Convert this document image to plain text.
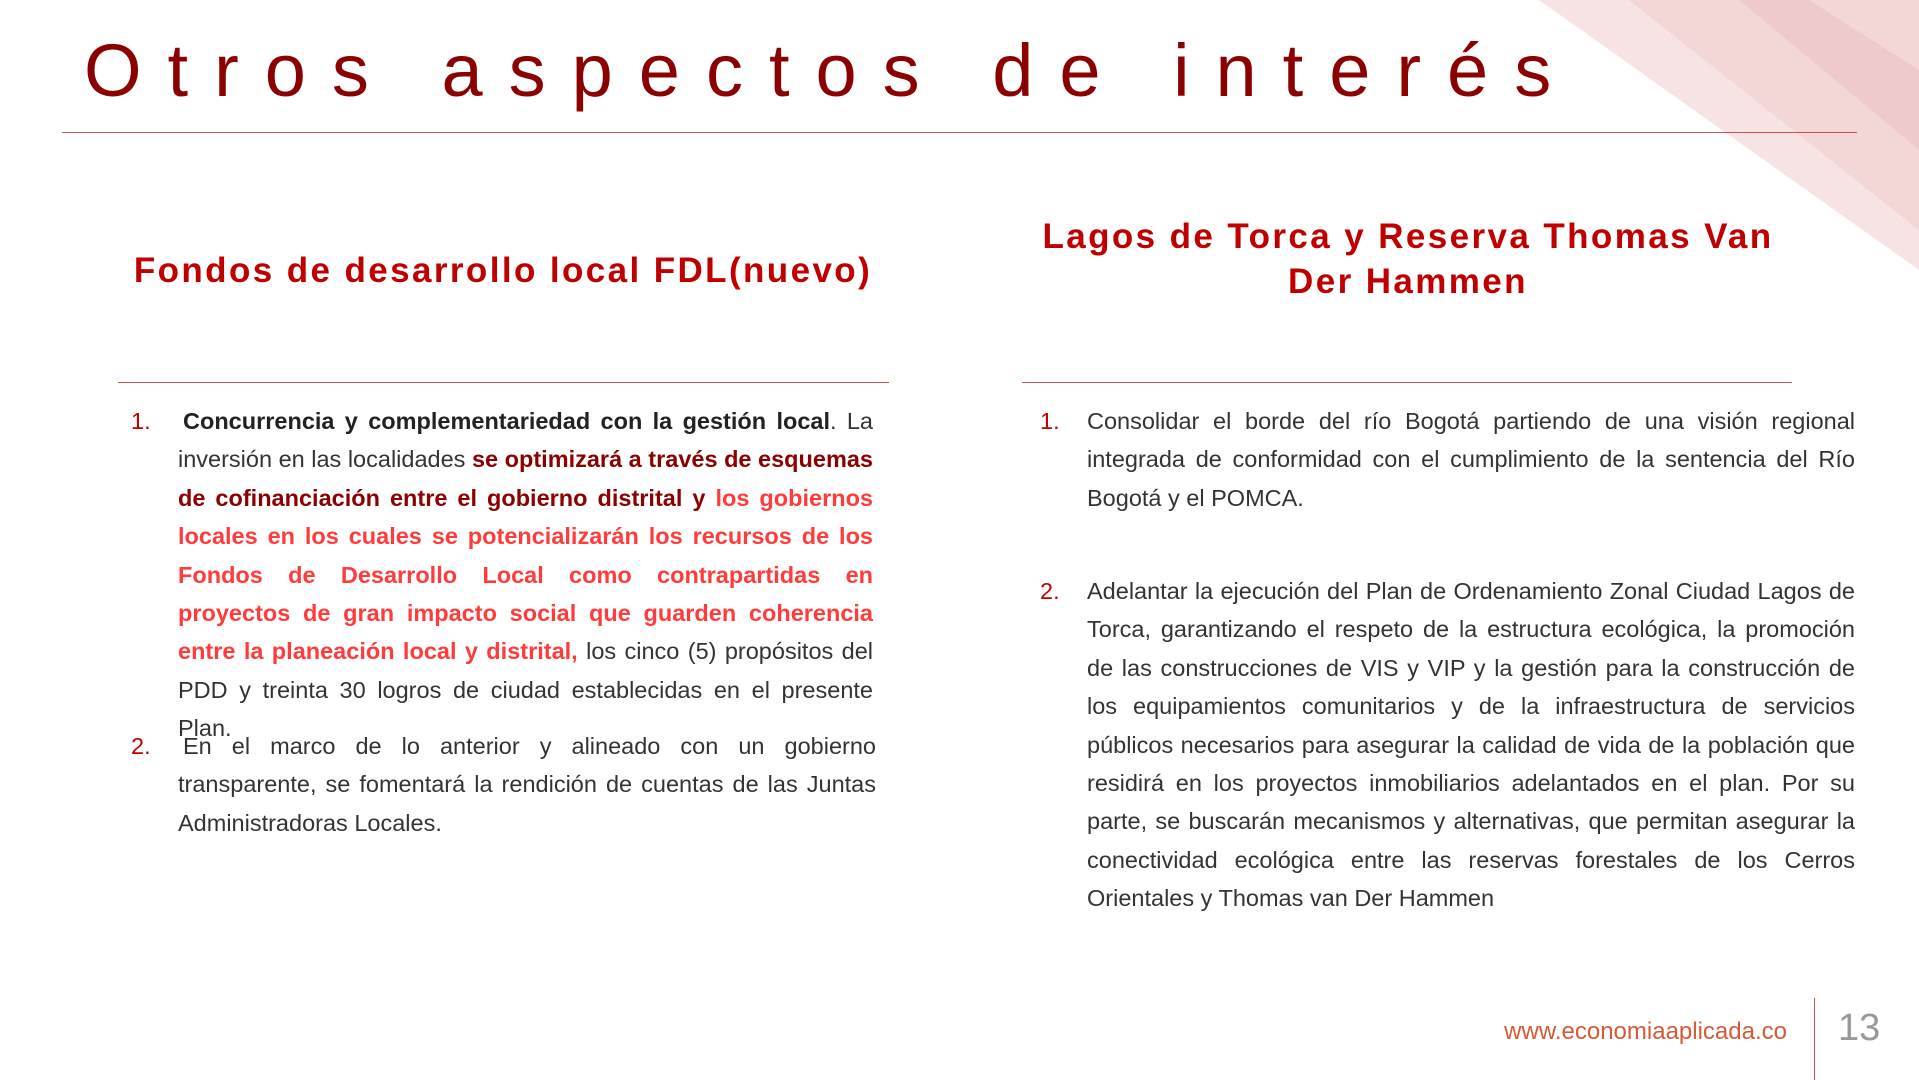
Otros aspectos de interés
Fondos de desarrollo local FDL(nuevo)
Lagos de Torca y Reserva Thomas Van Der Hammen
1. Concurrencia y complementariedad con la gestión local. La inversión en las localidades se optimizará a través de esquemas de cofinanciación entre el gobierno distrital y los gobiernos locales en los cuales se potencializarán los recursos de los Fondos de Desarrollo Local como contrapartidas en proyectos de gran impacto social que guarden coherencia entre la planeación local y distrital, los cinco (5) propósitos del PDD y treinta 30 logros de ciudad establecidas en el presente Plan.
2. En el marco de lo anterior y alineado con un gobierno transparente, se fomentará la rendición de cuentas de las Juntas Administradoras Locales.
1. Consolidar el borde del río Bogotá partiendo de una visión regional integrada de conformidad con el cumplimiento de la sentencia del Río Bogotá y el POMCA.
2. Adelantar la ejecución del Plan de Ordenamiento Zonal Ciudad Lagos de Torca, garantizando el respeto de la estructura ecológica, la promoción de las construcciones de VIS y VIP y la gestión para la construcción de los equipamientos comunitarios y de la infraestructura de servicios públicos necesarios para asegurar la calidad de vida de la población que residirá en los proyectos inmobiliarios adelantados en el plan. Por su parte, se buscarán mecanismos y alternativas, que permitan asegurar la conectividad ecológica entre las reservas forestales de los Cerros Orientales y Thomas van Der Hammen
www.economiaaplicada.co 13
